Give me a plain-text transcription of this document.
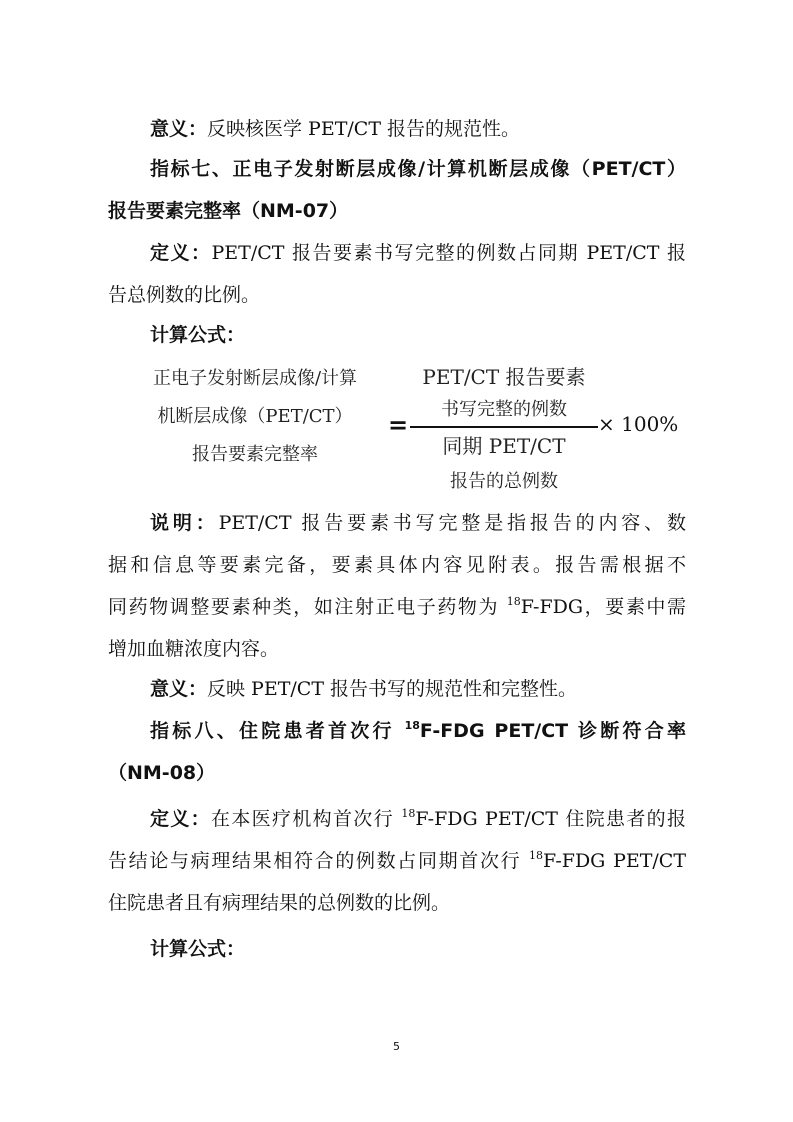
意义：反映核医学 PET/CT 报告的规范性。

指标七、正电子发射断层成像/计算机断层成像（PET/CT）

报告要素完整率（NM-07）

定义：PET/CT 报告要素书写完整的例数占同期 PET/CT 报

告总例数的比例。

计算公式：

正电子发射断层成像/计算
机断层成像（PET/CT）
报告要素完整率
=
PET/CT 报告要素
书写完整的例数
同期 PET/CT
报告的总例数
× 100%

说明：PET/CT 报告要素书写完整是指报告的内容、数

据和信息等要素完备，要素具体内容见附表。报告需根据不

同药物调整要素种类，如注射正电子药物为 $^{18}$F-FDG，要素中需

增加血糖浓度内容。

意义：反映 PET/CT 报告书写的规范性和完整性。

指标八、住院患者首次行 $^{18}$F-FDG PET/CT 诊断符合率

（NM-08）

定义：在本医疗机构首次行 $^{18}$F-FDG PET/CT 住院患者的报

告结论与病理结果相符合的例数占同期首次行 $^{18}$F-FDG PET/CT

住院患者且有病理结果的总例数的比例。

计算公式：

5
